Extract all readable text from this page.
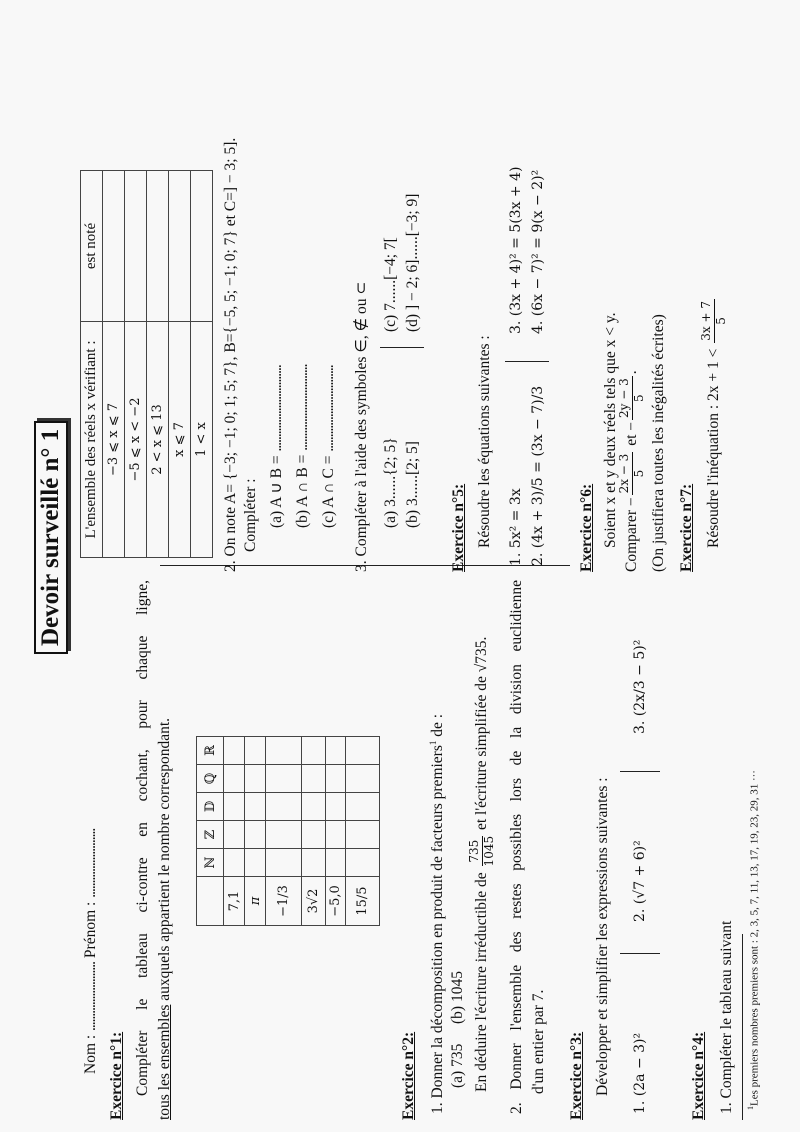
Devoir surveillé n° 1
Nom : ........................ Prénom : ........................
Exercice n°1: Compléter le tableau ci-contre en cochant, pour chaque ligne, tous les ensembles auxquels appartient le nombre correspondant.
	ℕ	ℤ	𝔻	ℚ	ℝ
7,1					
π					
−1/3					
3√2					
−5,0					
15/5					
Exercice n°2: 1. Donner la décomposition en produit de facteurs premiers$^1$ de :
(a) 735
(b) 1045 En déduire l'écriture irréductible de
735 1045
et l'écriture simplifiée de √735.	2. Donner l'ensemble des restes possibles lors de la division euclidienne d'un entier par 7. Exercice n°3: Développer et simplifier les expressions suivantes : 1. (2a − 3)²
2. (√7 + 6)²
3. (2x/3 − 5)²
Exercice n°4: 1. Compléter le tableau suivant $^1$Les premiers nombres premiers sont : 2, 3, 5, 7, 11, 13, 17, 19, 23, 29, 31 ···
L'ensemble des réels x vérifiant :	est noté
−3 ⩽ x ⩽ 7	
−5 ⩽ x < −2	
2 < x ⩽ 13	
x ⩽ 7	
1 < x	2. On note A= {−3; −1; 0; 1; 5; 7}, B={−5, 5; −1; 0; 7} et C=] − 3; 5]. Compléter : (a) A ∪ B = ..............................
(b) A ∩ B = ..............................
(c) A ∩ C = .............................. 3. Compléter à l'aide des symboles ∈, ∉ ou ⊂ (a) 3......{2; 5} (b) 3......[2; 5]
(c) 7......[−4; 7[ (d) ] − 2; 6]......[−3; 9]
Exercice n°5: Résoudre les équations suivantes : 1. 5x² = 3x 2. (4x + 3)/5 = (3x − 7)/3
3. (3x + 4)² = 5(3x + 4) 4. (6x − 7)² = 9(x − 2)²
Exercice n°6: Soient x et y deux réels tels que x < y. Comparer −
2x − 3 5
et −
2y − 3 5
. (On justifiera toutes les inégalités écrites) Exercice n°7: Résoudre l'inéquation : 2x + 1 <
3x + 7 5
